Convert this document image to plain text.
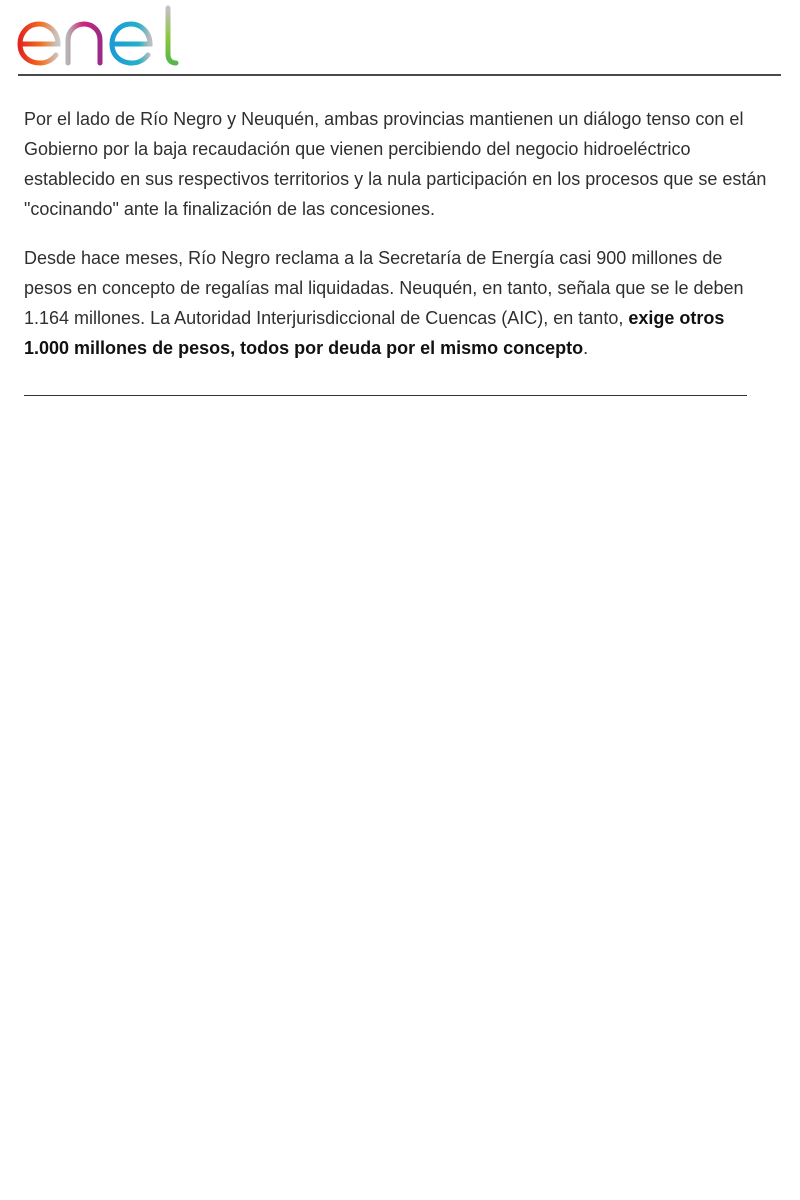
Por el lado de Río Negro y Neuquén, ambas provincias mantienen un diálogo tenso con el Gobierno por la baja recaudación que vienen percibiendo del negocio hidroeléctrico establecido en sus respectivos territorios y la nula participación en los procesos que se están "cocinando" ante la finalización de las concesiones.

Desde hace meses, Río Negro reclama a la Secretaría de Energía casi 900 millones de pesos en concepto de regalías mal liquidadas. Neuquén, en tanto, señala que se le deben 1.164 millones. La Autoridad Interjurisdiccional de Cuencas (AIC), en tanto, exige otros 1.000 millones de pesos, todos por deuda por el mismo concepto.
